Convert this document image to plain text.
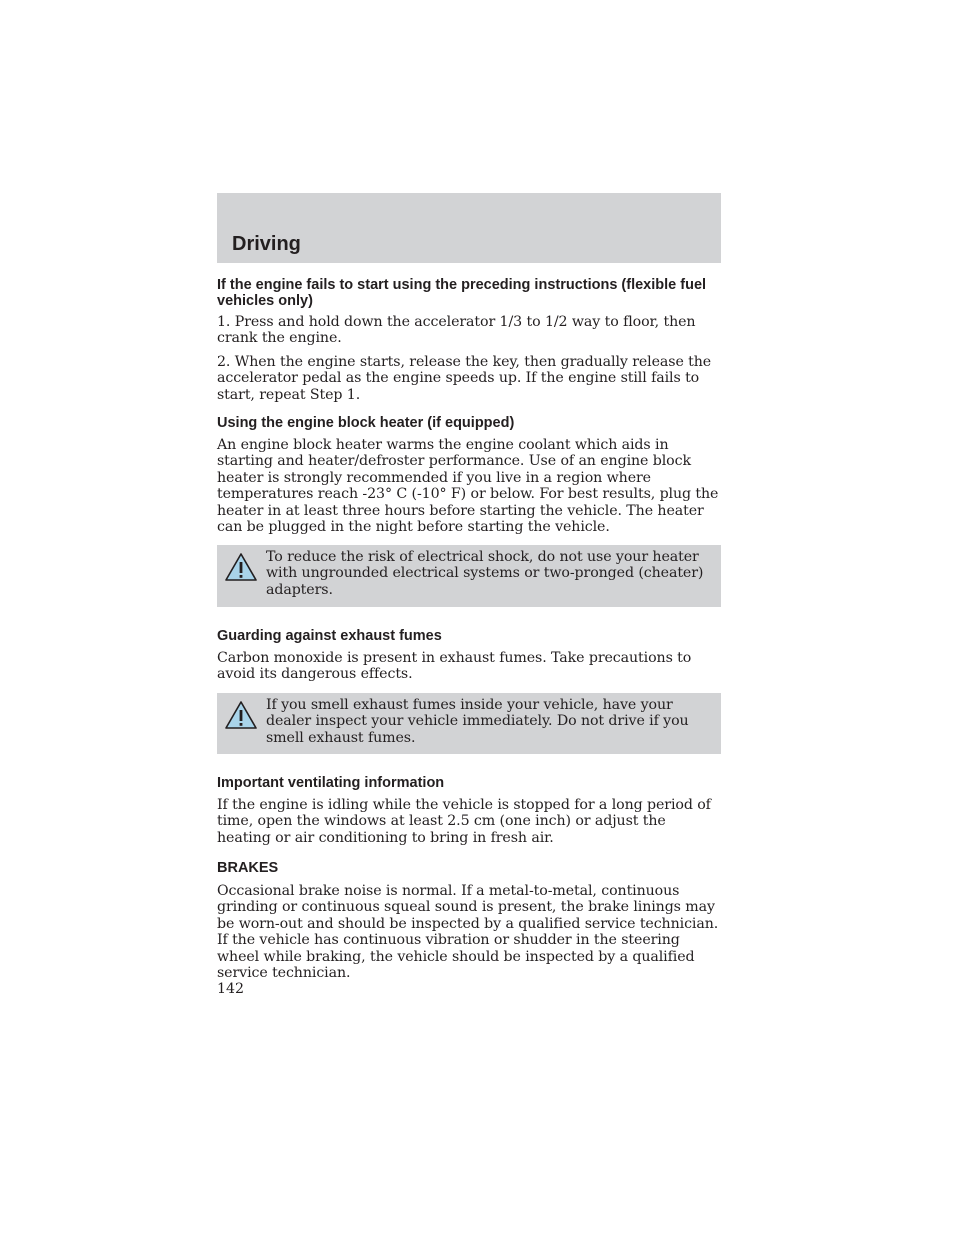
Driving
If the engine fails to start using the preceding instructions (flexible fuel vehicles only)

1. Press and hold down the accelerator 1/3 to 1/2 way to floor, then crank the engine.

2. When the engine starts, release the key, then gradually release the accelerator pedal as the engine speeds up. If the engine still fails to start, repeat Step 1.

Using the engine block heater (if equipped)

An engine block heater warms the engine coolant which aids in starting and heater/defroster performance. Use of an engine block heater is strongly recommended if you live in a region where temperatures reach -23° C (-10° F) or below. For best results, plug the heater in at least three hours before starting the vehicle. The heater can be plugged in the night before starting the vehicle.

To reduce the risk of electrical shock, do not use your heater with ungrounded electrical systems or two-pronged (cheater) adapters.

Guarding against exhaust fumes

Carbon monoxide is present in exhaust fumes. Take precautions to avoid its dangerous effects.

If you smell exhaust fumes inside your vehicle, have your dealer inspect your vehicle immediately. Do not drive if you smell exhaust fumes.

Important ventilating information

If the engine is idling while the vehicle is stopped for a long period of time, open the windows at least 2.5 cm (one inch) or adjust the heating or air conditioning to bring in fresh air.

BRAKES

Occasional brake noise is normal. If a metal-to-metal, continuous grinding or continuous squeal sound is present, the brake linings may be worn-out and should be inspected by a qualified service technician. If the vehicle has continuous vibration or shudder in the steering wheel while braking, the vehicle should be inspected by a qualified service technician.

142
